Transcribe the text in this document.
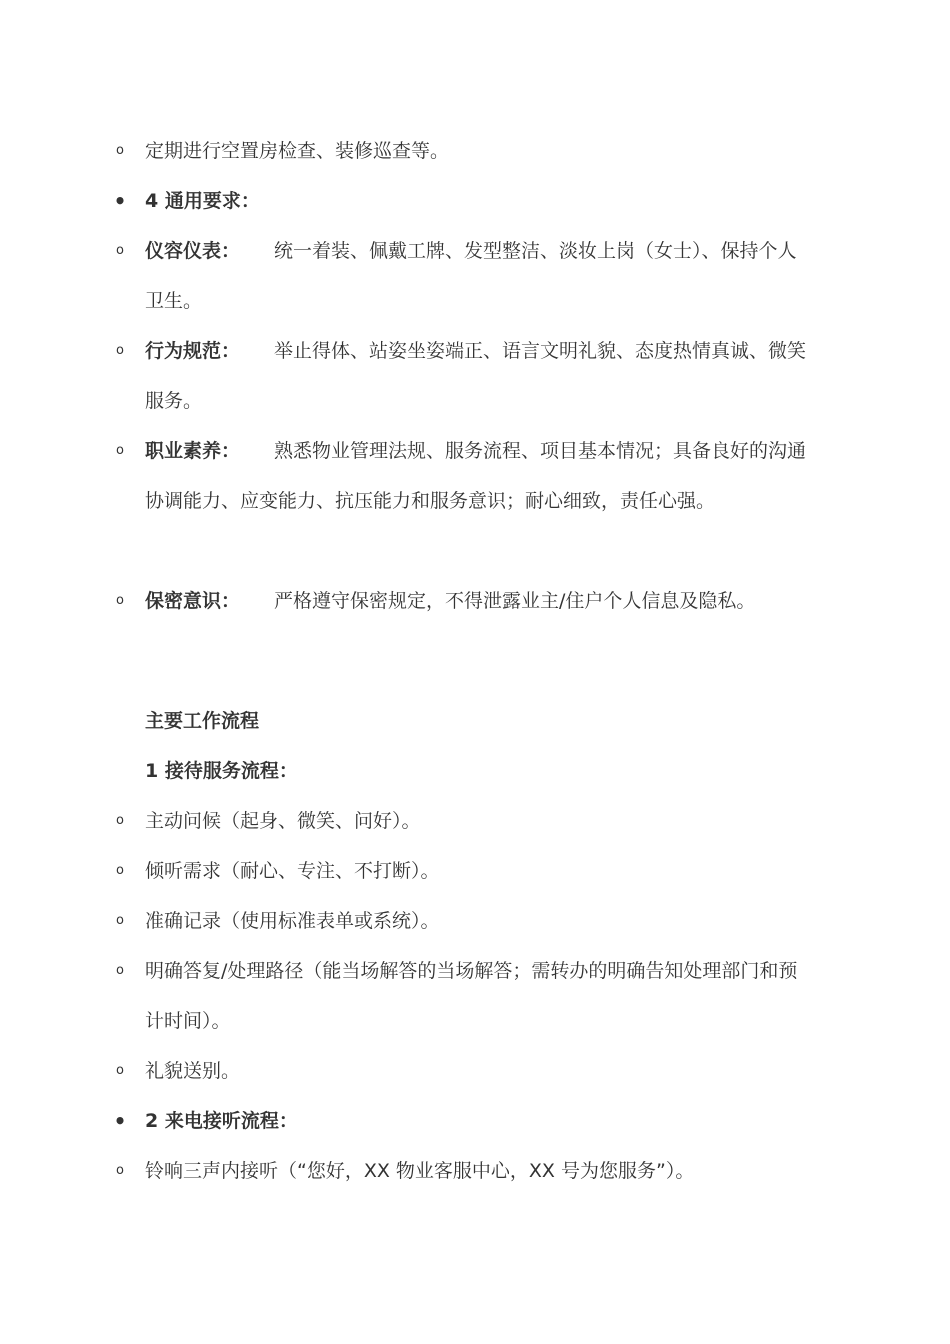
o 定期进行空置房检查、装修巡查等。
• 4 通用要求：
o 仪容仪表： 统一着装、佩戴工牌、发型整洁、淡妆上岗（女士）、保持个人卫生。
o 行为规范： 举止得体、站姿坐姿端正、语言文明礼貌、态度热情真诚、微笑服务。
o 职业素养： 熟悉物业管理法规、服务流程、项目基本情况；具备良好的沟通协调能力、应变能力、抗压能力和服务意识；耐心细致，责任心强。
o 保密意识： 严格遵守保密规定，不得泄露业主/住户个人信息及隐私。
主要工作流程
1 接待服务流程：
o 主动问候（起身、微笑、问好）。
o 倾听需求（耐心、专注、不打断）。
o 准确记录（使用标准表单或系统）。
o 明确答复/处理路径（能当场解答的当场解答；需转办的明确告知处理部门和预计时间）。
o 礼貌送别。
• 2 来电接听流程：
o 铃响三声内接听（“您好，XX 物业客服中心，XX 号为您服务”）。
